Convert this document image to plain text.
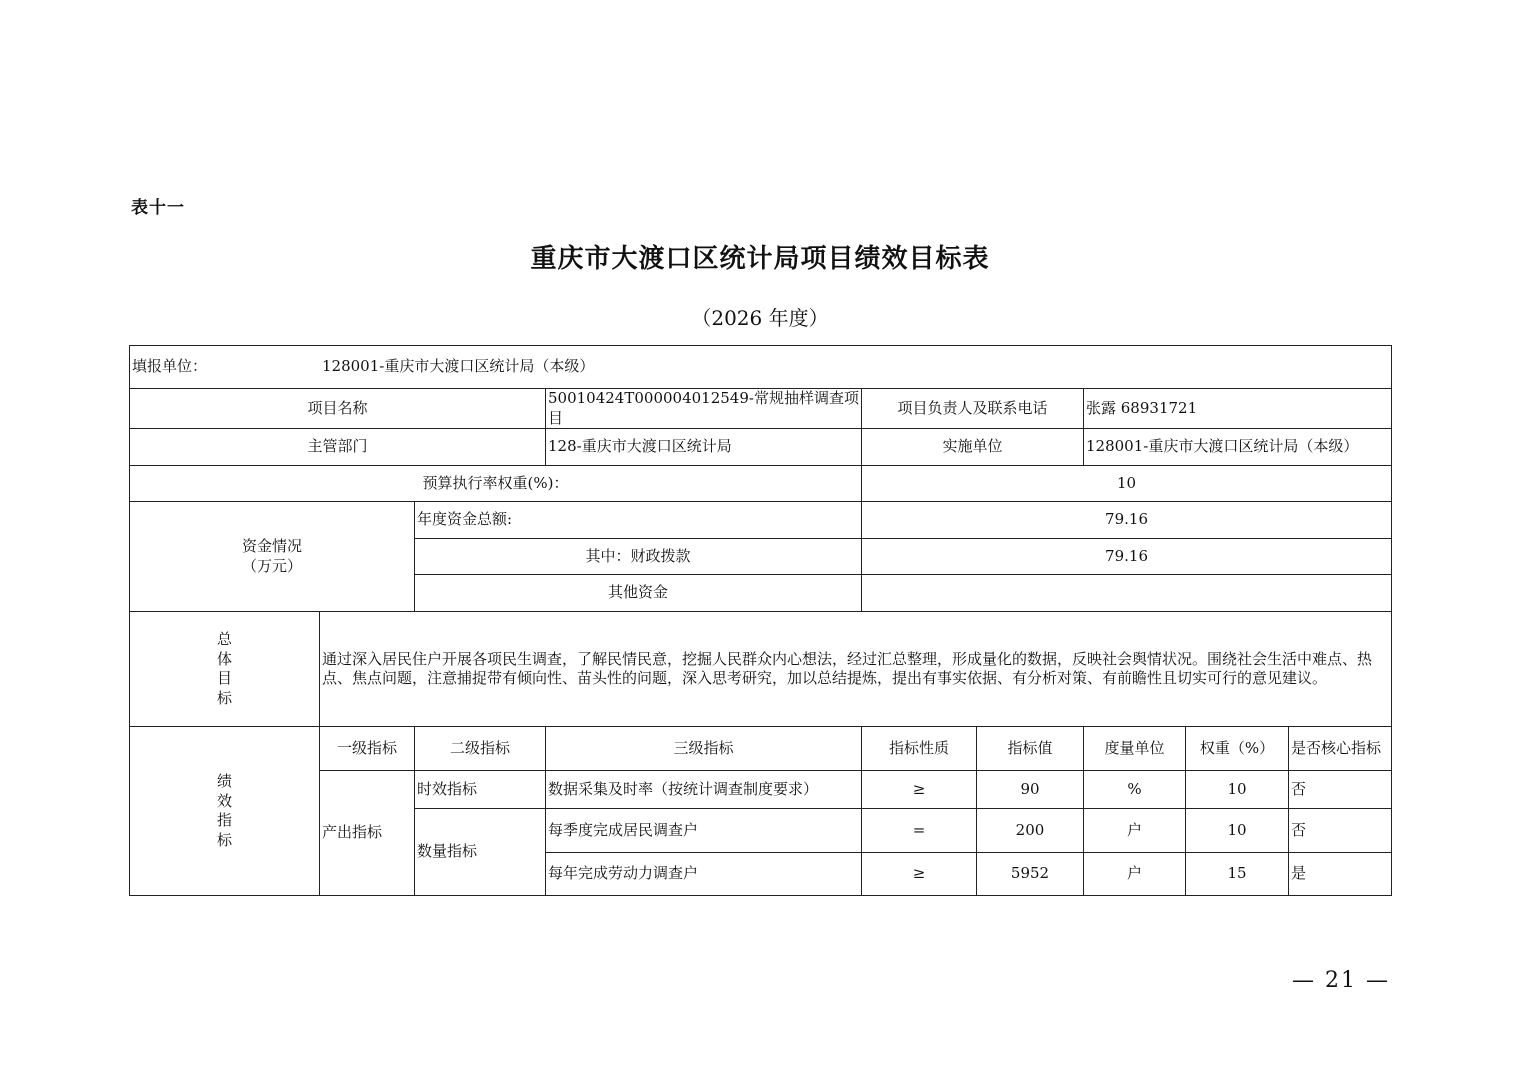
表十一
重庆市大渡口区统计局项目绩效目标表
（2026 年度）
填报单位： 128001-重庆市大渡口区统计局（本级）								
项目名称			50010424T000004012549-常规抽样调查项目	项目负责人及联系电话		张露 68931721		
主管部门			128-重庆市大渡口区统计局	实施单位		128001-重庆市大渡口区统计局（本级）		
预算执行率权重(%)：				10				

资金情况
（万元）		年度资金总额:		79.16				
		其中：财政拨款		79.16				
		其他资金						

总
体
目
标	通过深入居民住户开展各项民生调查，了解民情民意，挖掘人民群众内心想法，经过汇总整理，形成量化的数据，反映社会舆情状况。围绕社会生活中难点、热点、焦点问题，注意捕捉带有倾向性、苗头性的问题，深入思考研究，加以总结提炼，提出有事实依据、有分析对策、有前瞻性且切实可行的意见建议。							

绩
效
指
标	一级指标	二级指标	三级指标	指标性质	指标值	度量单位	权重（%）	是否核心指标
	产出指标	时效指标	数据采集及时率（按统计调查制度要求）	≥	90	%	10	否
		数量指标	每季度完成居民调查户	=	200	户	10	否
			每年完成劳动力调查户	≥	5952	户	15	是
— 21 —
